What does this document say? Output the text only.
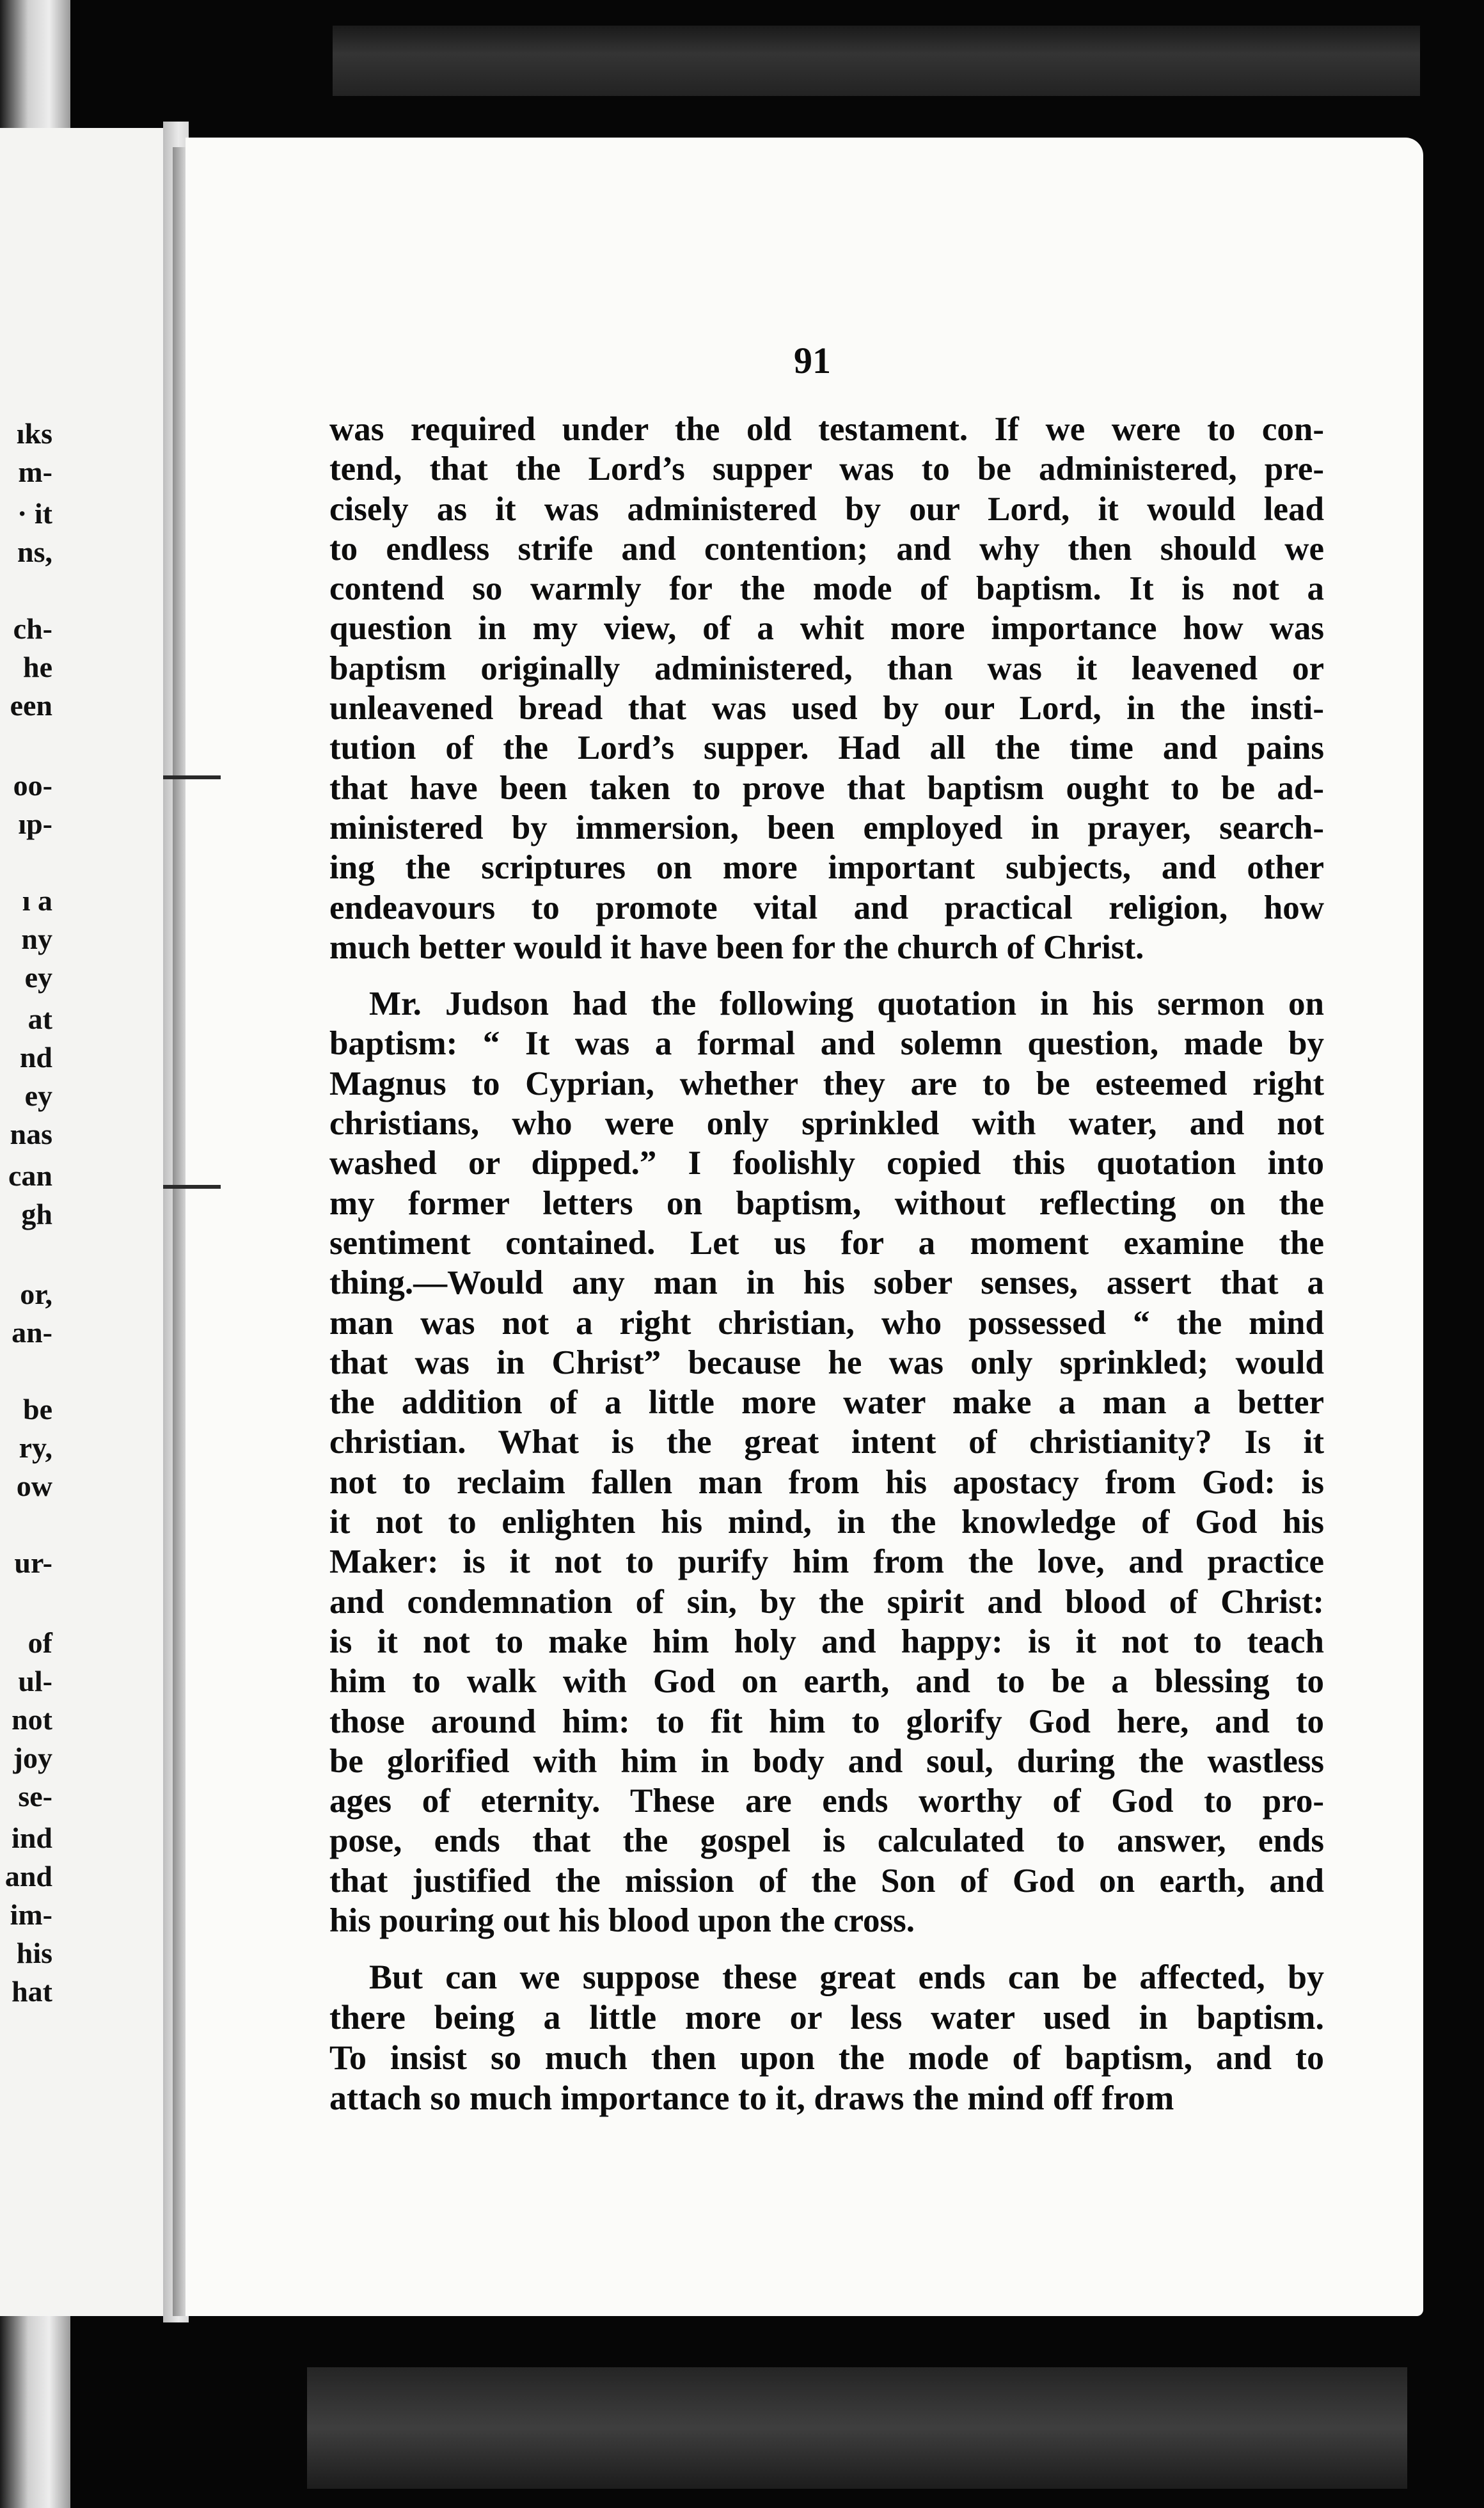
ıks
m-
· it
ns,
ch-
he
een
oo-
ıp-
ı a
ny
ey
at
nd
ey
nas
can
gh
or,
an-
be
ry,
ow
ur-
of
ul-
not
joy
se-
ind
and
im-
his
hat
91
was required under the old testament. If we were to con-
tend, that the Lord’s supper was to be administered, pre-
cisely as it was administered by our Lord, it would lead
to endless strife and contention; and why then should we
contend so warmly for the mode of baptism. It is not a
question in my view, of a whit more importance how was
baptism originally administered, than was it leavened or
unleavened bread that was used by our Lord, in the insti-
tution of the Lord’s supper. Had all the time and pains
that have been taken to prove that baptism ought to be ad-
ministered by immersion, been employed in prayer, search-
ing the scriptures on more important subjects, and other
endeavours to promote vital and practical religion, how
much better would it have been for the church of Christ.
Mr. Judson had the following quotation in his sermon on
baptism: “ It was a formal and solemn question, made by
Magnus to Cyprian, whether they are to be esteemed right
christians, who were only sprinkled with water, and not
washed or dipped.” I foolishly copied this quotation into
my former letters on baptism, without reflecting on the
sentiment contained. Let us for a moment examine the
thing.—Would any man in his sober senses, assert that a
man was not a right christian, who possessed “ the mind
that was in Christ” because he was only sprinkled; would
the addition of a little more water make a man a better
christian. What is the great intent of christianity? Is it
not to reclaim fallen man from his apostacy from God: is
it not to enlighten his mind, in the knowledge of God his
Maker: is it not to purify him from the love, and practice
and condemnation of sin, by the spirit and blood of Christ:
is it not to make him holy and happy: is it not to teach
him to walk with God on earth, and to be a blessing to
those around him: to fit him to glorify God here, and to
be glorified with him in body and soul, during the wastless
ages of eternity. These are ends worthy of God to pro-
pose, ends that the gospel is calculated to answer, ends
that justified the mission of the Son of God on earth, and
his pouring out his blood upon the cross.
But can we suppose these great ends can be affected, by
there being a little more or less water used in baptism.
To insist so much then upon the mode of baptism, and to
attach so much importance to it, draws the mind off from
